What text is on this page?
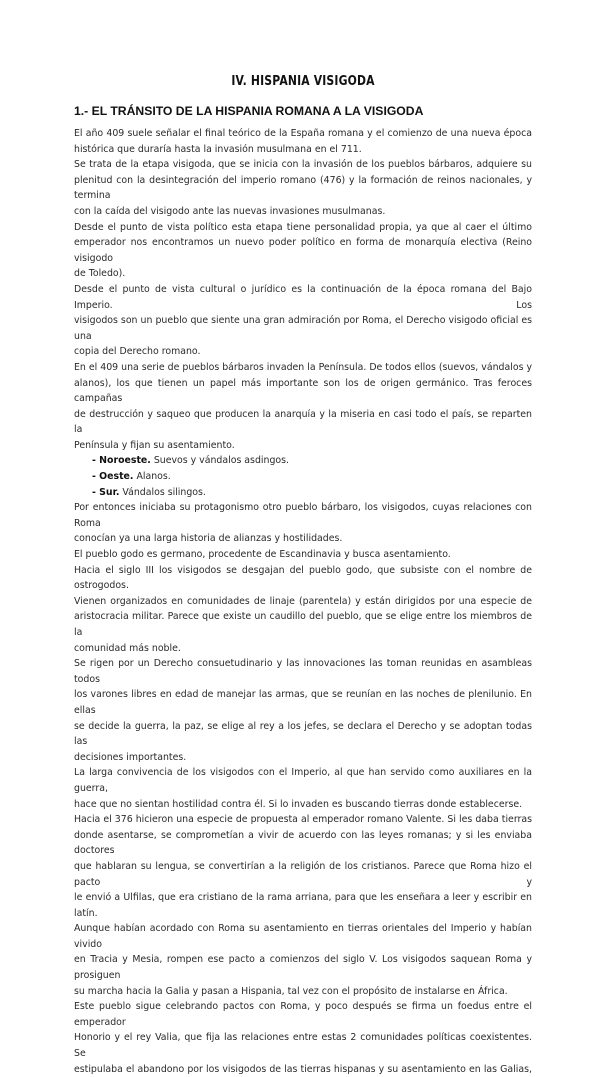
IV. HISPANIA VISIGODA
1.- EL TRÁNSITO DE LA HISPANIA ROMANA A LA VISIGODA
El año 409 suele señalar el final teórico de la España romana y el comienzo de una nueva época
histórica que duraría hasta la invasión musulmana en el 711.
Se trata de la etapa visigoda, que se inicia con la invasión de los pueblos bárbaros, adquiere su
plenitud con la desintegración del imperio romano (476) y la formación de reinos nacionales, y termina
con la caída del visigodo ante las nuevas invasiones musulmanas.
Desde el punto de vista político esta etapa tiene personalidad propia, ya que al caer el último
emperador nos encontramos un nuevo poder político en forma de monarquía electiva (Reino visigodo
de Toledo).
Desde el punto de vista cultural o jurídico es la continuación de la época romana del Bajo Imperio. Los
visigodos son un pueblo que siente una gran admiración por Roma, el Derecho visigodo oficial es una
copia del Derecho romano.
En el 409 una serie de pueblos bárbaros invaden la Península. De todos ellos (suevos, vándalos y
alanos), los que tienen un papel más importante son los de origen germánico. Tras feroces campañas
de destrucción y saqueo que producen la anarquía y la miseria en casi todo el país, se reparten la
Península y fijan su asentamiento.
- Noroeste. Suevos y vándalos asdingos.
- Oeste. Alanos.
- Sur. Vándalos silingos.
Por entonces iniciaba su protagonismo otro pueblo bárbaro, los visigodos, cuyas relaciones con Roma
conocían ya una larga historia de alianzas y hostilidades.
El pueblo godo es germano, procedente de Escandinavia y busca asentamiento.
Hacia el siglo III los visigodos se desgajan del pueblo godo, que subsiste con el nombre de ostrogodos.
Vienen organizados en comunidades de linaje (parentela) y están dirigidos por una especie de
aristocracia militar. Parece que existe un caudillo del pueblo, que se elige entre los miembros de la
comunidad más noble.
Se rigen por un Derecho consuetudinario y las innovaciones las toman reunidas en asambleas todos
los varones libres en edad de manejar las armas, que se reunían en las noches de plenilunio. En ellas
se decide la guerra, la paz, se elige al rey a los jefes, se declara el Derecho y se adoptan todas las
decisiones importantes.
La larga convivencia de los visigodos con el Imperio, al que han servido como auxiliares en la guerra,
hace que no sientan hostilidad contra él. Si lo invaden es buscando tierras donde establecerse.
Hacia el 376 hicieron una especie de propuesta al emperador romano Valente. Si les daba tierras
donde asentarse, se comprometían a vivir de acuerdo con las leyes romanas; y si les enviaba doctores
que hablaran su lengua, se convertirían a la religión de los cristianos. Parece que Roma hizo el pacto y
le envió a Ulfilas, que era cristiano de la rama arriana, para que les enseñara a leer y escribir en latín.
Aunque habían acordado con Roma su asentamiento en tierras orientales del Imperio y habían vivido
en Tracia y Mesia, rompen ese pacto a comienzos del siglo V. Los visigodos saquean Roma y prosiguen
su marcha hacia la Galia y pasan a Hispania, tal vez con el propósito de instalarse en África.
Este pueblo sigue celebrando pactos con Roma, y poco después se firma un foedus entre el emperador
Honorio y el rey Valia, que fija las relaciones entre estas 2 comunidades políticas coexistentes. Se
estipulaba el abandono por los visigodos de las tierras hispanas y su asentamiento en las Galias,
